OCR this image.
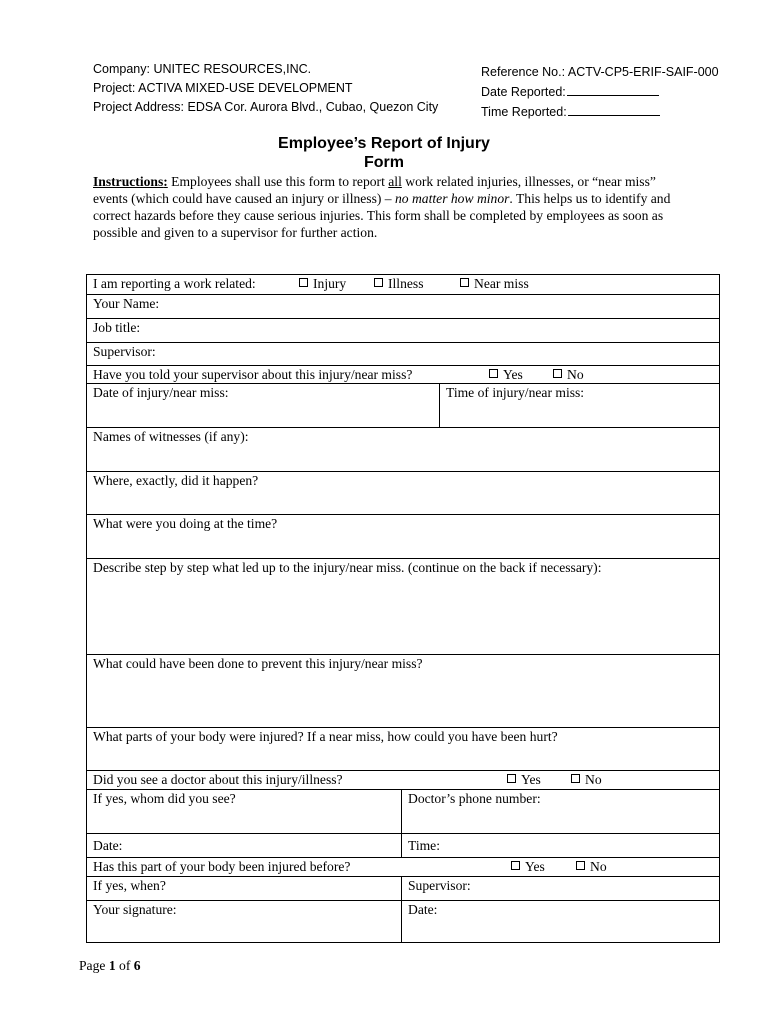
Company: UNITEC RESOURCES,INC.
Project: ACTIVA MIXED-USE DEVELOPMENT
Project Address: EDSA Cor. Aurora Blvd., Cubao, Quezon City
Reference No.: ACTV-CP5-ERIF-SAIF-000
Date Reported:
Time Reported:
Employee’s Report of Injury
Form
Instructions: Employees shall use this form to report all work related injuries, illnesses, or “near miss” events (which could have caused an injury or illness) – no matter how minor. This helps us to identify and correct hazards before they cause serious injuries. This form shall be completed by employees as soon as possible and given to a supervisor for further action.
I am reporting a work related:	Injury	Illness	Near miss
Your Name:
Job title:
Supervisor:
Have you told your supervisor about this injury/near miss?	Yes	No
Date of injury/near miss:	Time of injury/near miss:
Names of witnesses (if any):
Where, exactly, did it happen?
What were you doing at the time?
Describe step by step what led up to the injury/near miss. (continue on the back if necessary):
What could have been done to prevent this injury/near miss?
What parts of your body were injured? If a near miss, how could you have been hurt?
Did you see a doctor about this injury/illness?	Yes	No
If yes, whom did you see?	Doctor’s phone number:
Date:	Time:
Has this part of your body been injured before?	Yes	No
If yes, when?	Supervisor:
Your signature:	Date:
Page 1 of 6
